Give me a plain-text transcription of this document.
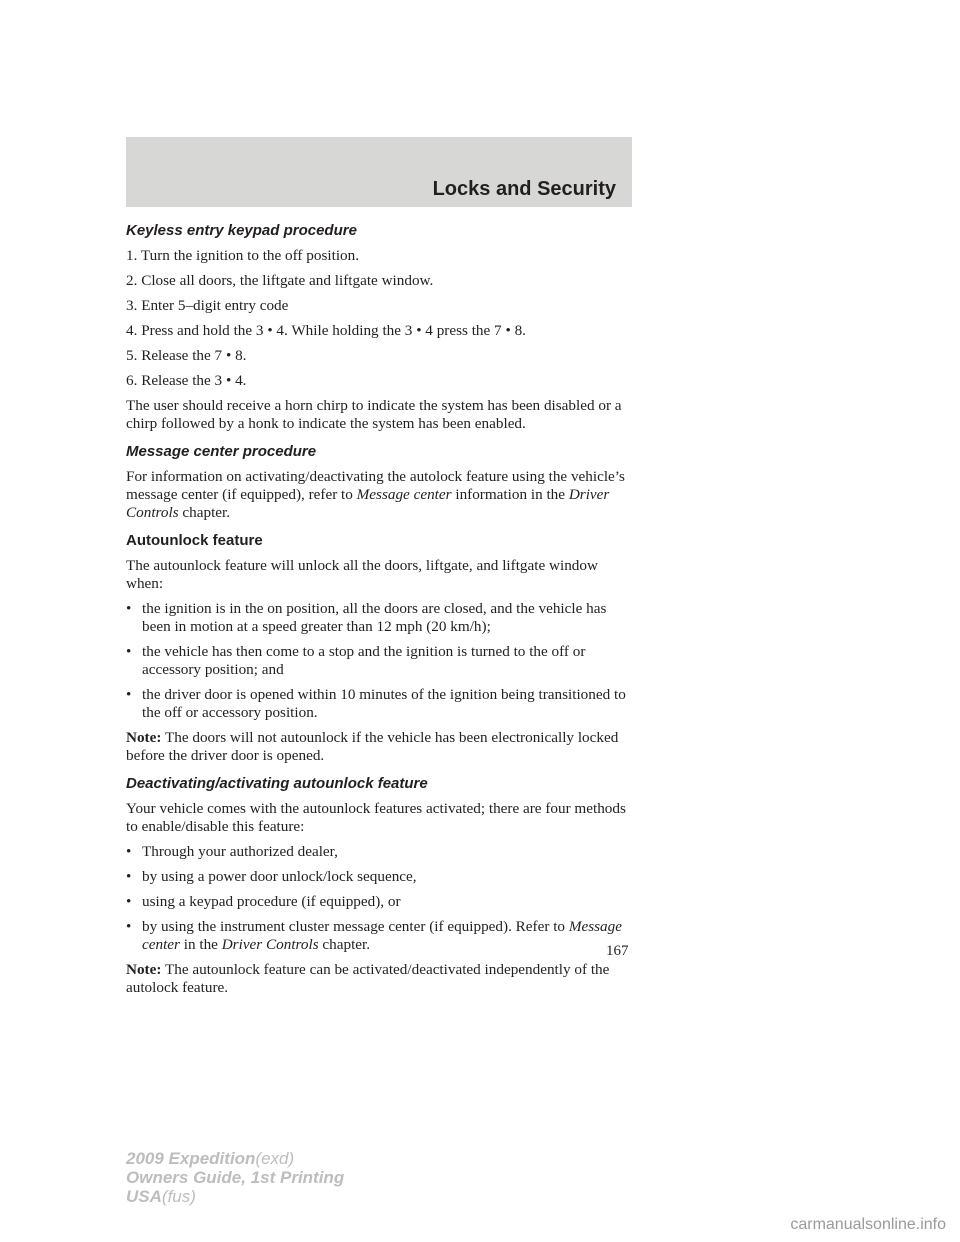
Locks and Security

Keyless entry keypad procedure

1. Turn the ignition to the off position.

2. Close all doors, the liftgate and liftgate window.

3. Enter 5–digit entry code

4. Press and hold the 3 • 4. While holding the 3 • 4 press the 7 • 8.

5. Release the 7 • 8.

6. Release the 3 • 4.

The user should receive a horn chirp to indicate the system has been disabled or a chirp followed by a honk to indicate the system has been enabled.

Message center procedure

For information on activating/deactivating the autolock feature using the vehicle’s message center (if equipped), refer to Message center information in the Driver Controls chapter.

Autounlock feature

The autounlock feature will unlock all the doors, liftgate, and liftgate window when:

• the ignition is in the on position, all the doors are closed, and the vehicle has been in motion at a speed greater than 12 mph (20 km/h);
• the vehicle has then come to a stop and the ignition is turned to the off or accessory position; and
• the driver door is opened within 10 minutes of the ignition being transitioned to the off or accessory position.

Note: The doors will not autounlock if the vehicle has been electronically locked before the driver door is opened.

Deactivating/activating autounlock feature

Your vehicle comes with the autounlock features activated; there are four methods to enable/disable this feature:

• Through your authorized dealer,
• by using a power door unlock/lock sequence,
• using a keypad procedure (if equipped), or
• by using the instrument cluster message center (if equipped). Refer to Message center in the Driver Controls chapter.

Note: The autounlock feature can be activated/deactivated independently of the autolock feature.

167
2009 Expedition(exd)
Owners Guide, 1st Printing
USA(fus)
carmanualsonline.info
